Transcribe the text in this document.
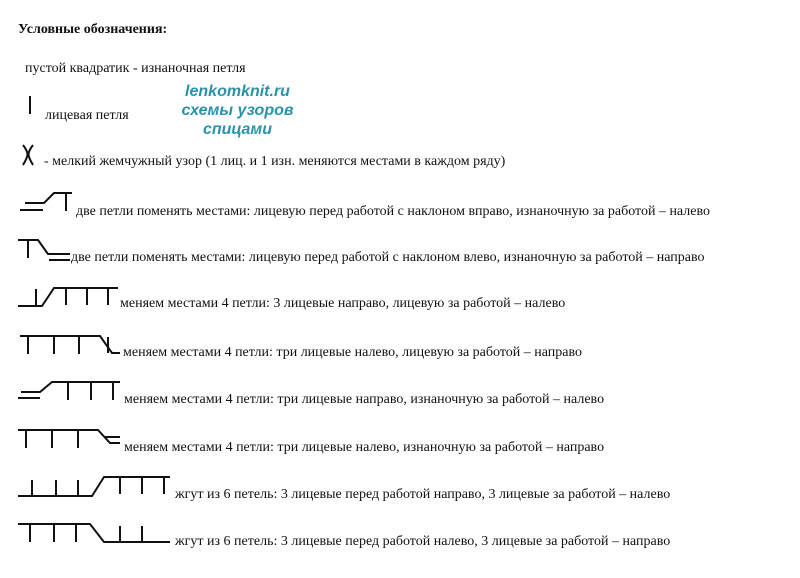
Условные обозначения:
пустой квадратик - изнаночная петля
лицевая петля
lenkomknit.ru
схемы узоров
спицами
- мелкий жемчужный узор (1 лиц. и 1 изн. меняются местами в каждом ряду)
две петли поменять местами: лицевую перед работой с наклоном вправо, изнаночную за работой – налево
две петли поменять местами: лицевую перед работой с наклоном влево, изнаночную за работой – направо
меняем местами 4 петли: 3 лицевые направо, лицевую за работой – налево
меняем местами 4 петли: три лицевые налево, лицевую за работой – направо
меняем местами 4 петли: три лицевые направо, изнаночную за работой – налево
меняем местами 4 петли: три лицевые налево, изнаночную за работой – направо
жгут из 6 петель: 3 лицевые перед работой направо, 3 лицевые за работой – налево
жгут из 6 петель: 3 лицевые перед работой налево, 3 лицевые за работой – направо
